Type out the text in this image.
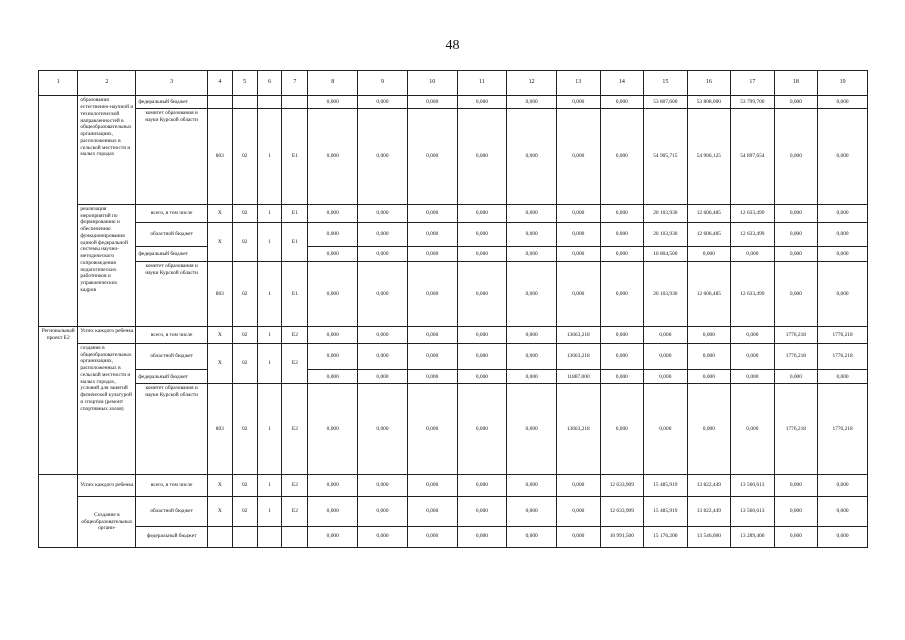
48
1	2	3	4	5	6	7	8	9	10	11	12	13	14	15	16	17	18	19
	образования естественно-научной и технологической направленностей в общеобразовательных организациях, расположенных в сельской местности и малых городах	федеральный бюджет					0,000	0,000	0,000	0,000	0,000	0,000	0,000	53 807,600	53 808,000	53 799,700	0,000	0,000
		комитет образования и науки Курской области	803	02	1	Е1	0,000	0,000	0,000	0,000	0,000	0,000	0,000	54 905,715	54 906,125	54 897,654	0,000	0,000
	реализация мероприятий по формированию и обеспечению функционирования единой федеральной системы научно-методического сопровождения педагогических работников и управленческих кадров	всего, в том числе	Х	02	1	Е1	0,000	0,000	0,000	0,000	0,000	0,000	0,000	20 103,930	12 606,485	12 633,499	0,000	0,000
		областной бюджет	Х	02	1	Е1	0,000	0,000	0,000	0,000	0,000	0,000	0,000	20 103,930	12 606,485	12 633,499	0,000	0,000
		федеральный бюджет					0,000	0,000	0,000	0,000	0,000	0,000	0,000	10 804,500	0,000	0,000	0,000	0,000
		комитет образования и науки Курской области	803	02	1	Е1	0,000	0,000	0,000	0,000	0,000	0,000	0,000	20 103,930	12 606,485	12 633,499	0,000	0,000
Региональный проект Е2	Успех каждого ребенка	всего, в том числе	Х	02	1	Е2	0,000	0,000	0,000	0,000	0,000	13663,218	0,000	0,000	0,000	0,000	1776,218	1776,218
	создание в общеобразовательных организациях, расположенных в сельской местности и малых городах, условий для занятий физической культурой и спортом (ремонт спортивных залов)	областной бюджет	Х	02	1	Е2	0,000	0,000	0,000	0,000	0,000	13663,218	0,000	0,000	0,000	0,000	1776,218	1776,218
		федеральный бюджет					0,000	0,000	0,000	0,000	0,000	11887,000	0,000	0,000	0,000	0,000	0,000	0,000
		комитет образования и науки Курской области	803	02	1	Е2	0,000	0,000	0,000	0,000	0,000	13663,218	0,000	0,000	0,000	0,000	1776,218	1776,218
	Успех каждого ребенка	всего, в том числе	Х	02	1	Е2	0,000	0,000	0,000	0,000	0,000	0,000	12 633,909	15 485,919	13 822,449	13 560,613	0,000	0,000
	Создание в общеобразовательных органи-	областной бюджет	Х	02	1	Е2	0,000	0,000	0,000	0,000	0,000	0,000	12 633,909	15 485,919	13 822,449	13 560,613	0,000	0,000
		федеральный бюджет					0,000	0,000	0,000	0,000	0,000	0,000	10 991,500	15 176,200	13 546,000	13 289,400	0,000	0,000
